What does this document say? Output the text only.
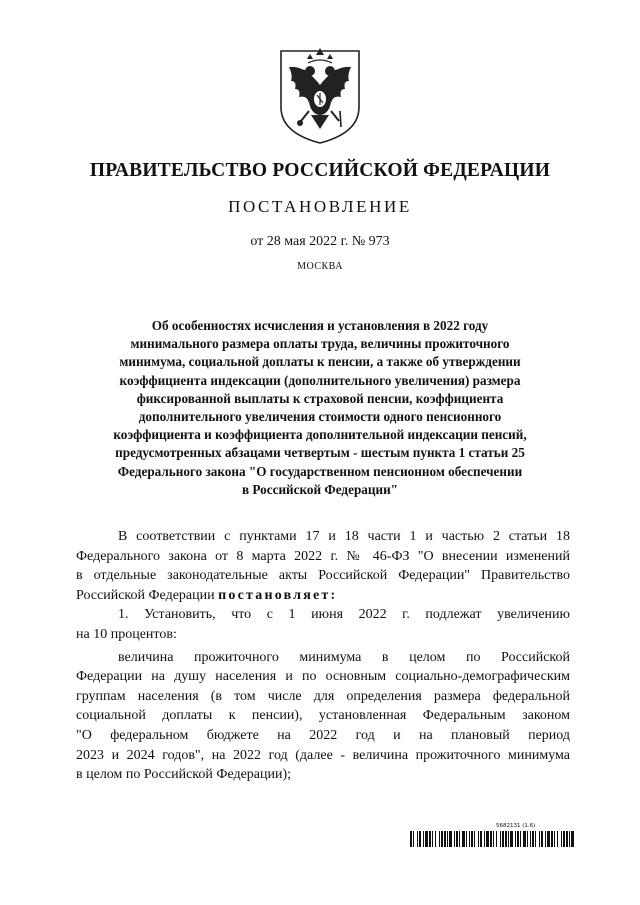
ПРАВИТЕЛЬСТВО РОССИЙСКОЙ ФЕДЕРАЦИИ
ПОСТАНОВЛЕНИЕ
от 28 мая 2022 г. № 973
МОСКВА
Об особенностях исчисления и установления в 2022 году
минимального размера оплаты труда, величины прожиточного
минимума, социальной доплаты к пенсии, а также об утверждении
коэффициента индексации (дополнительного увеличения) размера
фиксированной выплаты к страховой пенсии, коэффициента
дополнительного увеличения стоимости одного пенсионного
коэффициента и коэффициента дополнительной индексации пенсий,
предусмотренных абзацами четвертым - шестым пункта 1 статьи 25
Федерального закона "О государственном пенсионном обеспечении
в Российской Федерации"
В соответствии с пунктами 17 и 18 части 1 и частью 2 статьи 18
Федерального закона от 8 марта 2022 г. № 46-ФЗ "О внесении изменений
в отдельные законодательные акты Российской Федерации" Правительство
Российской Федерации постановляет:
1. Установить, что с 1 июня 2022 г. подлежат увеличению
на 10 процентов:
величина прожиточного минимума в целом по Российской
Федерации на душу населения и по основным социально-демографическим
группам населения (в том числе для определения размера федеральной
социальной доплаты к пенсии), установленная Федеральным законом
"О федеральном бюджете на 2022 год и на плановый период
2023 и 2024 годов", на 2022 год (далее - величина прожиточного минимума
в целом по Российской Федерации);
5682131 (1.6)
